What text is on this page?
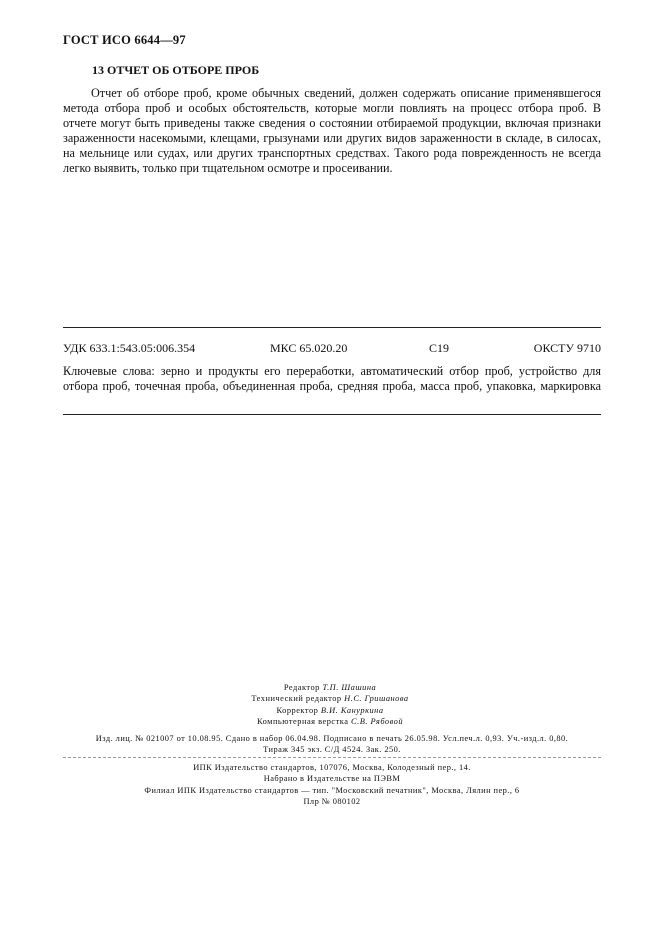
ГОСТ ИСО 6644—97
13 ОТЧЕТ ОБ ОТБОРЕ ПРОБ

Отчет об отборе проб, кроме обычных сведений, должен содержать описание применявшегося метода отбора проб и особых обстоятельств, которые могли повлиять на процесс отбора проб. В отчете могут быть приведены также сведения о состоянии отбираемой продукции, включая признаки зараженности насекомыми, клещами, грызунами или других видов зараженности в складе, в силосах, на мельнице или судах, или других транспортных средствах. Такого рода поврежденность не всегда легко выявить, только при тщательном осмотре и просеивании.

УДК 633.1:543.05:006.354	МКС 65.020.20	С19	ОКСТУ 9710
Ключевые слова: зерно и продукты его переработки, автоматический отбор проб, устройство для
отбора проб, точечная проба, объединенная проба, средняя проба, масса проб, упаковка, маркировка
Редактор Т.П. Шашина
Технический редактор Н.С. Гришанова
Корректор В.И. Кануркина
Компьютерная верстка С.В. Рябовой
Изд. лиц. № 021007 от 10.08.95. Сдано в набор 06.04.98. Подписано в печать 26.05.98. Усл.печ.л. 0,93. Уч.-изд.л. 0,80.
Тираж 345 экз. С/Д 4524. Зак. 250.
ИПК Издательство стандартов, 107076, Москва, Колодезный пер., 14.
Набрано в Издательстве на ПЭВМ
Филиал ИПК Издательство стандартов — тип. "Московский печатник", Москва, Лялин пер., 6
Плр № 080102
